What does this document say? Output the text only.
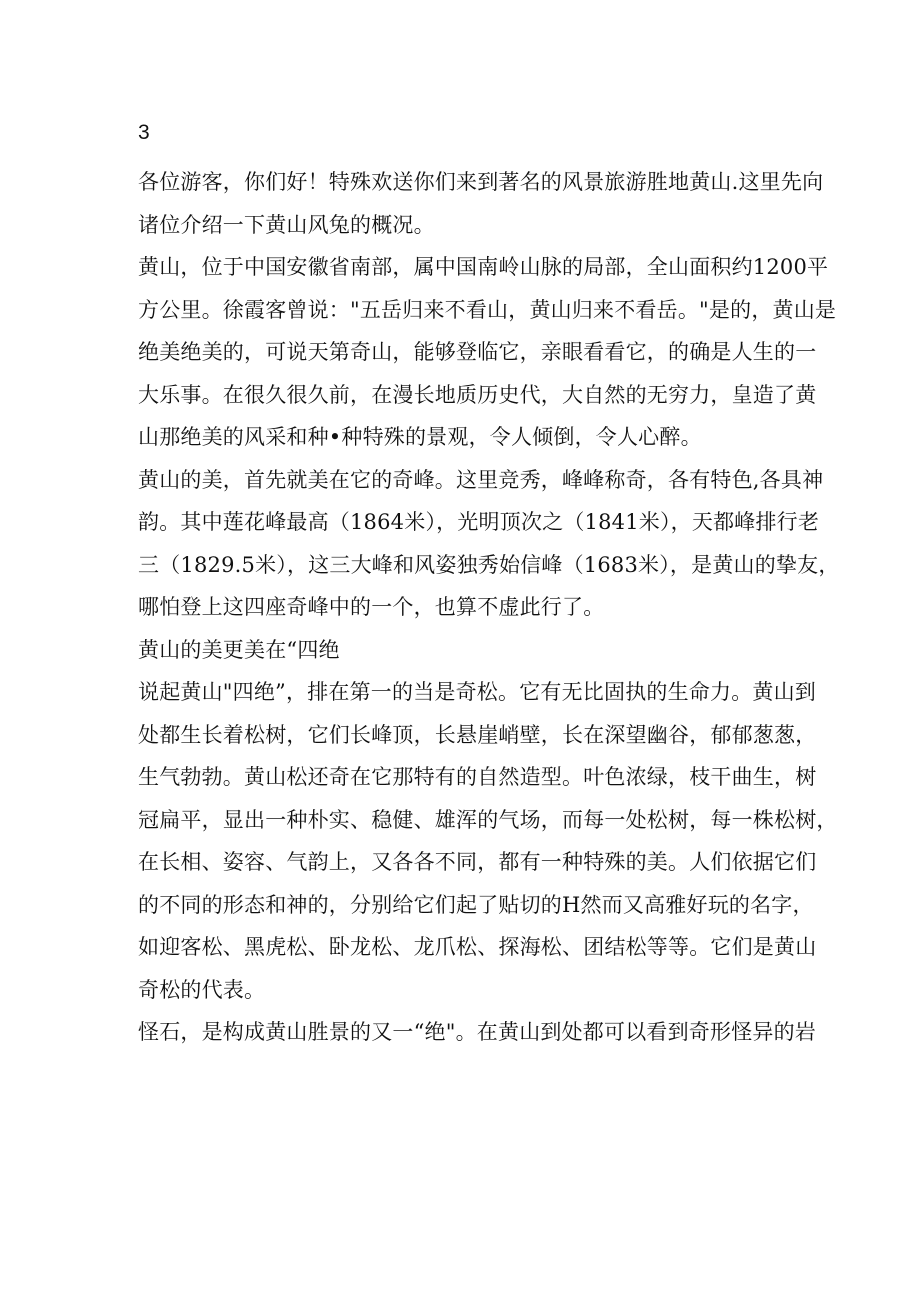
3

各位游客，你们好！特殊欢送你们来到著名的风景旅游胜地黄山.这里先向
诸位介绍一下黄山风兔的概况。

黄山，位于中国安徽省南部，属中国南岭山脉的局部，全山面积约1200平
方公里。徐霞客曾说："五岳归来不看山，黄山归来不看岳。"是的，黄山是
绝美绝美的，可说天第奇山，能够登临它，亲眼看看它，的确是人生的一
大乐事。在很久很久前，在漫长地质历史代，大自然的无穷力，皇造了黄
山那绝美的风采和种•种特殊的景观，令人倾倒，令人心醉。

黄山的美，首先就美在它的奇峰。这里竞秀，峰峰称奇，各有特色,各具神
韵。其中莲花峰最高（1864米），光明顶次之（1841米），天都峰排行老
三（1829.5米），这三大峰和风姿独秀始信峰（1683米），是黄山的挚友，
哪怕登上这四座奇峰中的一个，也算不虚此行了。

黄山的美更美在“四绝

说起黄山"四绝”，排在第一的当是奇松。它有无比固执的生命力。黄山到
处都生长着松树，它们长峰顶，长悬崖峭壁，长在深望幽谷，郁郁葱葱，
生气勃勃。黄山松还奇在它那特有的自然造型。叶色浓绿，枝干曲生，树
冠扁平，显出一种朴实、稳健、雄浑的气场，而每一处松树，每一株松树，
在长相、姿容、气韵上，又各各不同，都有一种特殊的美。人们依据它们
的不同的形态和神的，分别给它们起了贴切的H然而又高雅好玩的名字，
如迎客松、黑虎松、卧龙松、龙爪松、探海松、团结松等等。它们是黄山
奇松的代表。

怪石，是构成黄山胜景的又一“绝"。在黄山到处都可以看到奇形怪异的岩
